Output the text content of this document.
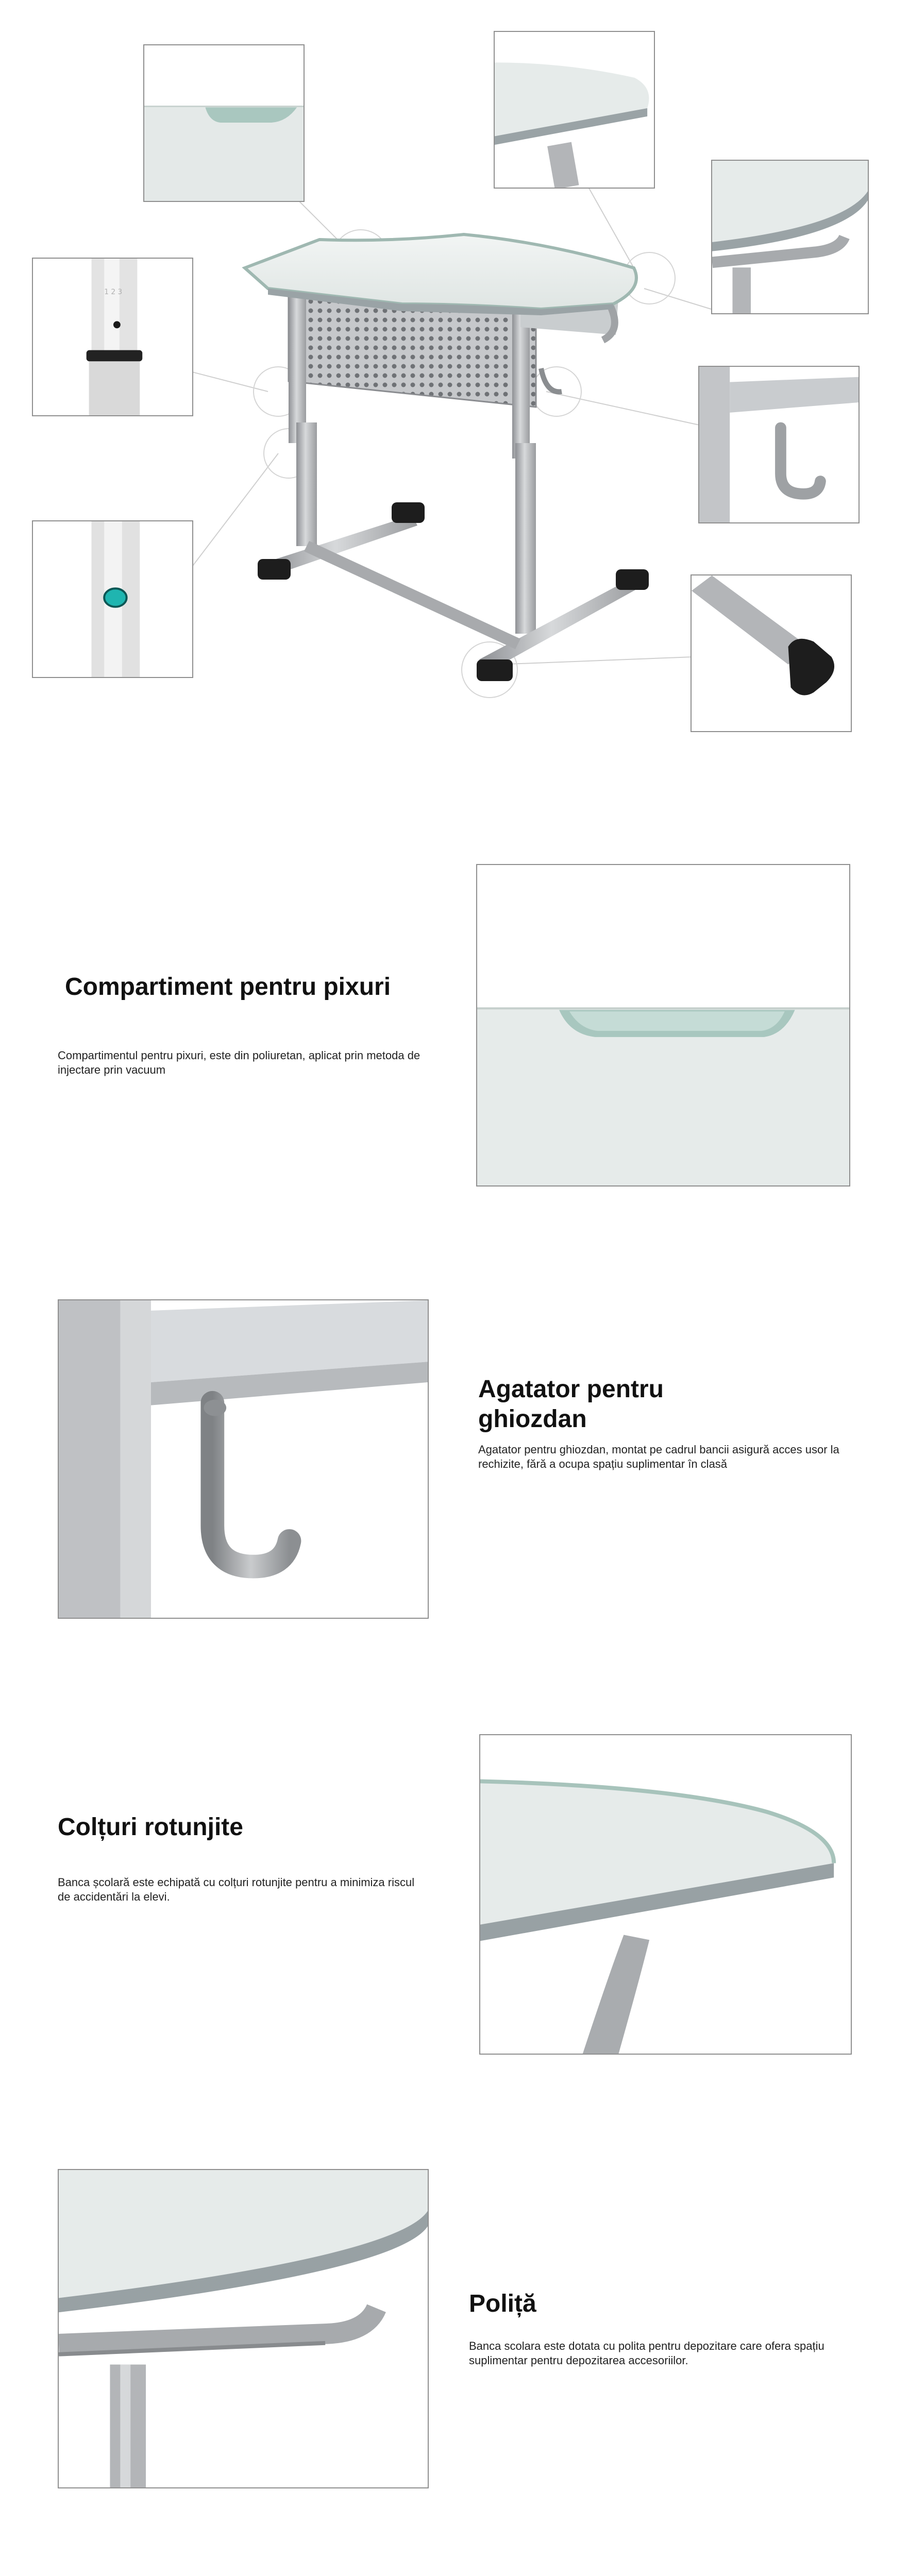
1 2 3
Compartiment pentru pixuri

Compartimentul pentru pixuri, este din poliuretan, aplicat prin metoda de injectare prin vacuum

Agatator pentru
ghiozdan

Agatator pentru ghiozdan, montat pe cadrul bancii asigură acces usor la rechizite, fără a ocupa spațiu suplimentar în clasă

Colțuri rotunjite

Banca școlară este echipată cu colțuri rotunjite pentru a minimiza riscul de accidentări la elevi.

Poliță

Banca scolara este dotata cu polita pentru depozitare care ofera spațiu suplimentar pentru depozitarea accesoriilor.
